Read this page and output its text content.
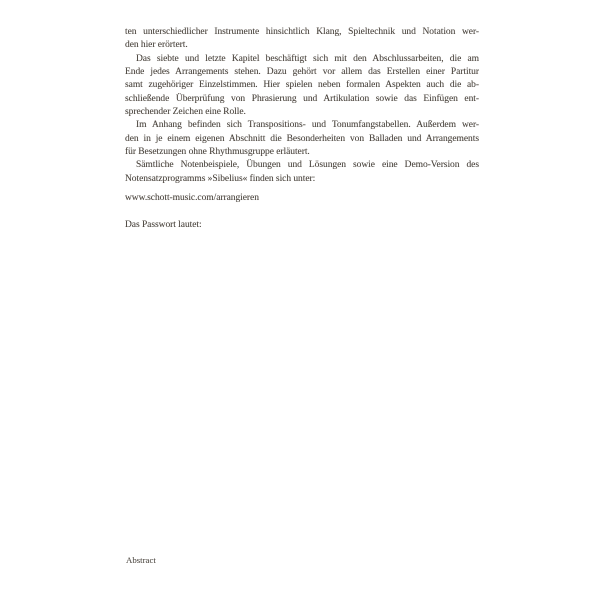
ten unterschiedlicher Instrumente hinsichtlich Klang, Spieltechnik und Notation wer-
den hier erörtert.
Das siebte und letzte Kapitel beschäftigt sich mit den Abschlussarbeiten, die am
Ende jedes Arrangements stehen. Dazu gehört vor allem das Erstellen einer Partitur
samt zugehöriger Einzelstimmen. Hier spielen neben formalen Aspekten auch die ab-
schließende Überprüfung von Phrasierung und Artikulation sowie das Einfügen ent-
sprechender Zeichen eine Rolle.
Im Anhang befinden sich Transpositions- und Tonumfangstabellen. Außerdem wer-
den in je einem eigenen Abschnitt die Besonderheiten von Balladen und Arrangements
für Besetzungen ohne Rhythmusgruppe erläutert.
Sämtliche Notenbeispiele, Übungen und Lösungen sowie eine Demo-Version des
Notensatzprogramms »Sibelius« finden sich unter:
www.schott-music.com/arrangieren
Das Passwort lautet:
Abstract
